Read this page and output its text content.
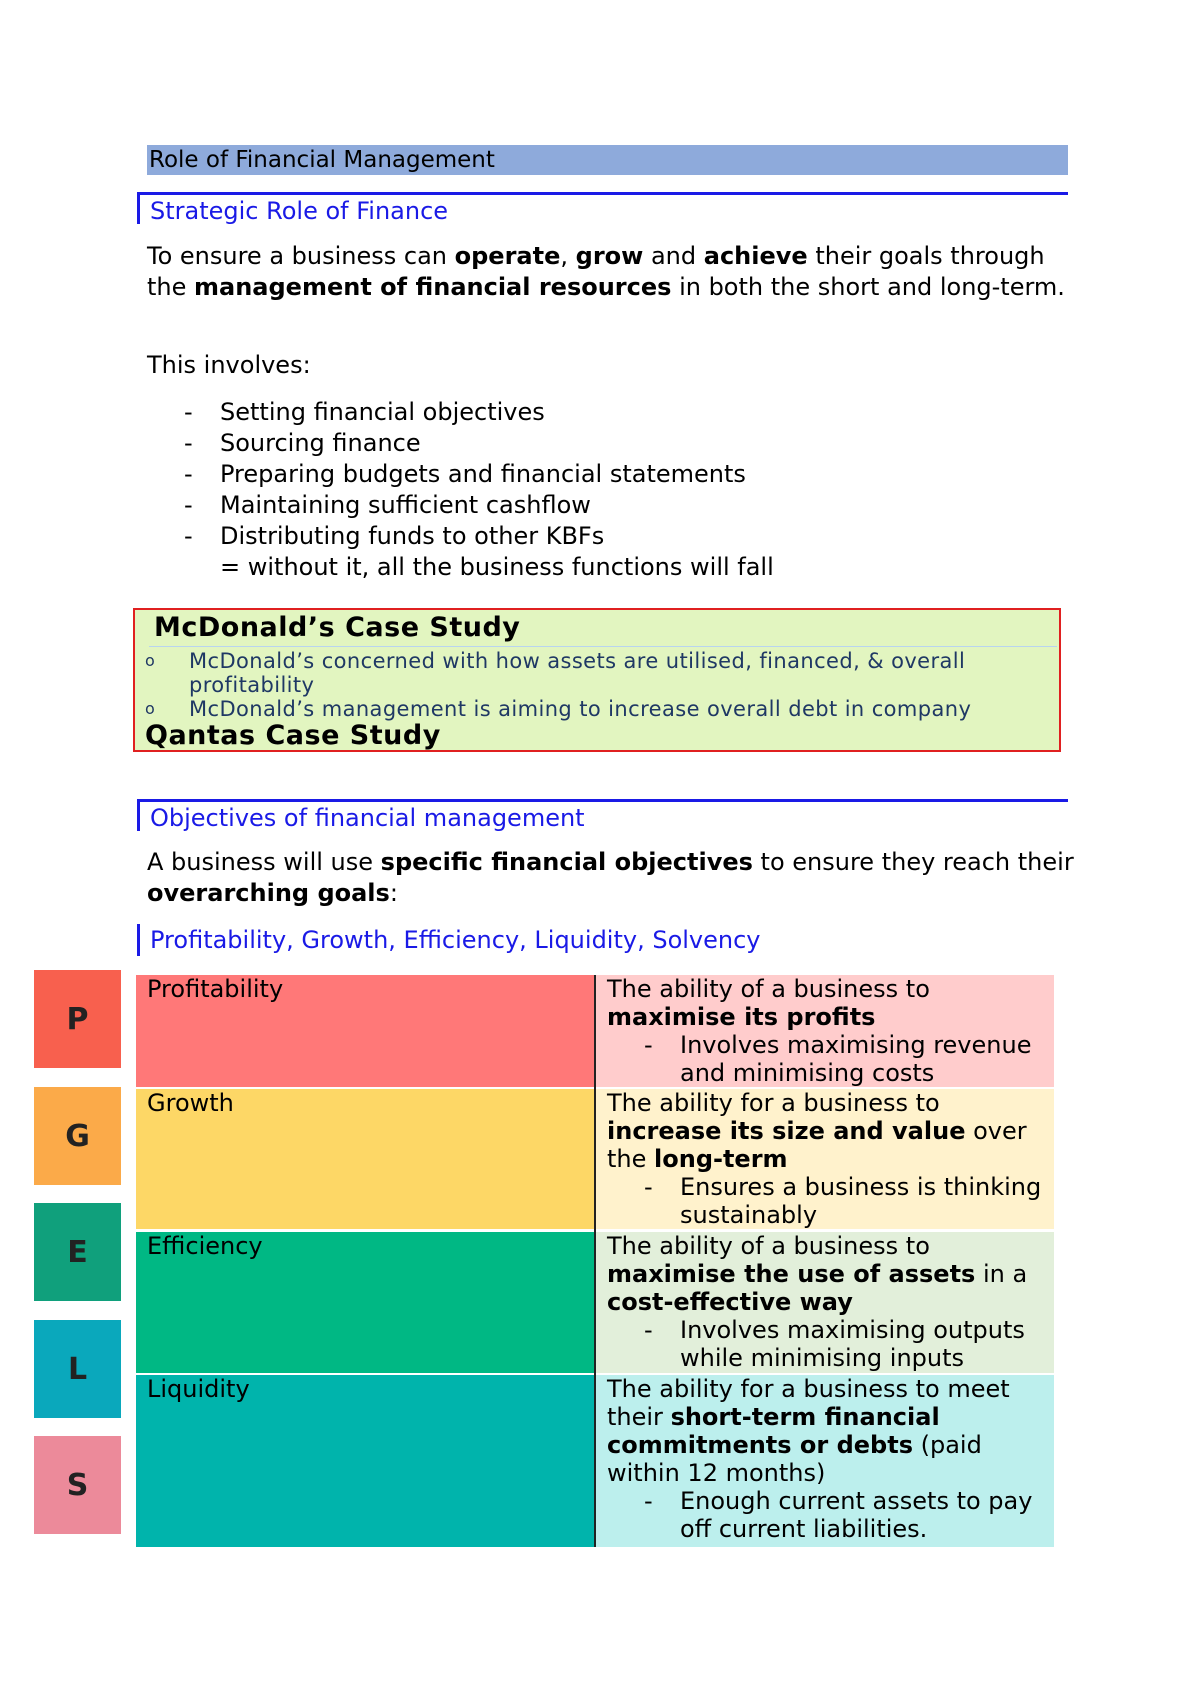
Role of Financial Management
Strategic Role of Finance
To ensure a business can operate, grow and achieve their goals through the management of financial resources in both the short and long-term.
This involves:
- Setting financial objectives
- Sourcing finance
- Preparing budgets and financial statements
- Maintaining sufficient cashflow
- Distributing funds to other KBFs
= without it, all the business functions will fall
McDonald’s Case Study
o McDonald’s concerned with how assets are utilised, financed, & overall profitability
o McDonald’s management is aiming to increase overall debt in company
Qantas Case Study
Objectives of financial management
A business will use specific financial objectives to ensure they reach their overarching goals:
Profitability, Growth, Efficiency, Liquidity, Solvency
P
G
E
L
S
Profitability	The ability of a business to maximise its profits
- Involves maximising revenue and minimising costs
Growth	The ability for a business to increase its size and value over the long-term
- Ensures a business is thinking sustainably
Efficiency	The ability of a business to maximise the use of assets in a cost-effective way
- Involves maximising outputs while minimising inputs
Liquidity	The ability for a business to meet their short-term financial commitments or debts (paid within 12 months)
- Enough current assets to pay off current liabilities.
